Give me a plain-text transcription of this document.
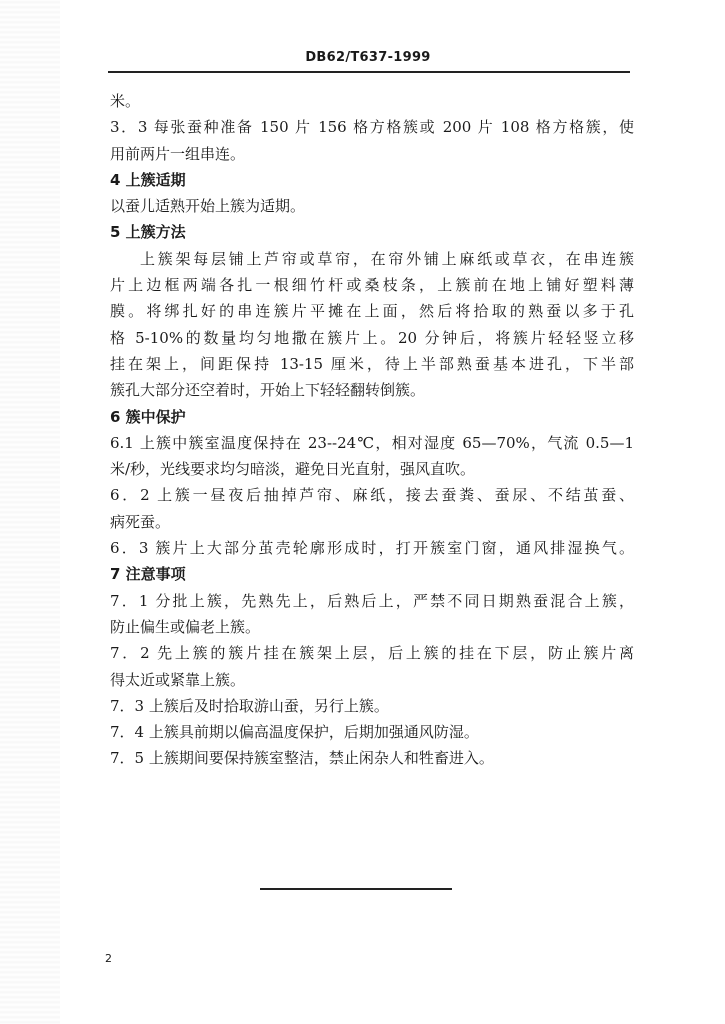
DB62/T637-1999
米。
3．3 每张蚕种准备 150 片 156 格方格簇或 200 片 108 格方格簇，使
用前两片一组串连。
4 上簇适期
以蚕儿适熟开始上簇为适期。
5 上簇方法
上簇架每层铺上芦帘或草帘，在帘外铺上麻纸或草衣，在串连簇
片上边框两端各扎一根细竹杆或桑枝条，上簇前在地上铺好塑料薄
膜。将绑扎好的串连簇片平摊在上面，然后将拾取的熟蚕以多于孔
格 5-10%的数量均匀地撒在簇片上。20 分钟后，将簇片轻轻竖立移
挂在架上，间距保持 13-15 厘米，待上半部熟蚕基本进孔，下半部
簇孔大部分还空着时，开始上下轻轻翻转倒簇。
6 簇中保护
6.1 上簇中簇室温度保持在 23--24℃，相对湿度 65—70%，气流 0.5—1
米/秒，光线要求均匀暗淡，避免日光直射，强风直吹。
6．2 上簇一昼夜后抽掉芦帘、麻纸，接去蚕粪、蚕尿、不结茧蚕、
病死蚕。
6．3 簇片上大部分茧壳轮廓形成时，打开簇室门窗，通风排湿换气。
7 注意事项
7．1 分批上簇，先熟先上，后熟后上，严禁不同日期熟蚕混合上簇，
防止偏生或偏老上簇。
7．2 先上簇的簇片挂在簇架上层，后上簇的挂在下层，防止簇片离
得太近或紧靠上簇。
7．3 上簇后及时拾取游山蚕，另行上簇。
7．4 上簇具前期以偏高温度保护，后期加强通风防湿。
7．5 上簇期间要保持簇室整洁，禁止闲杂人和牲畜进入。
2
